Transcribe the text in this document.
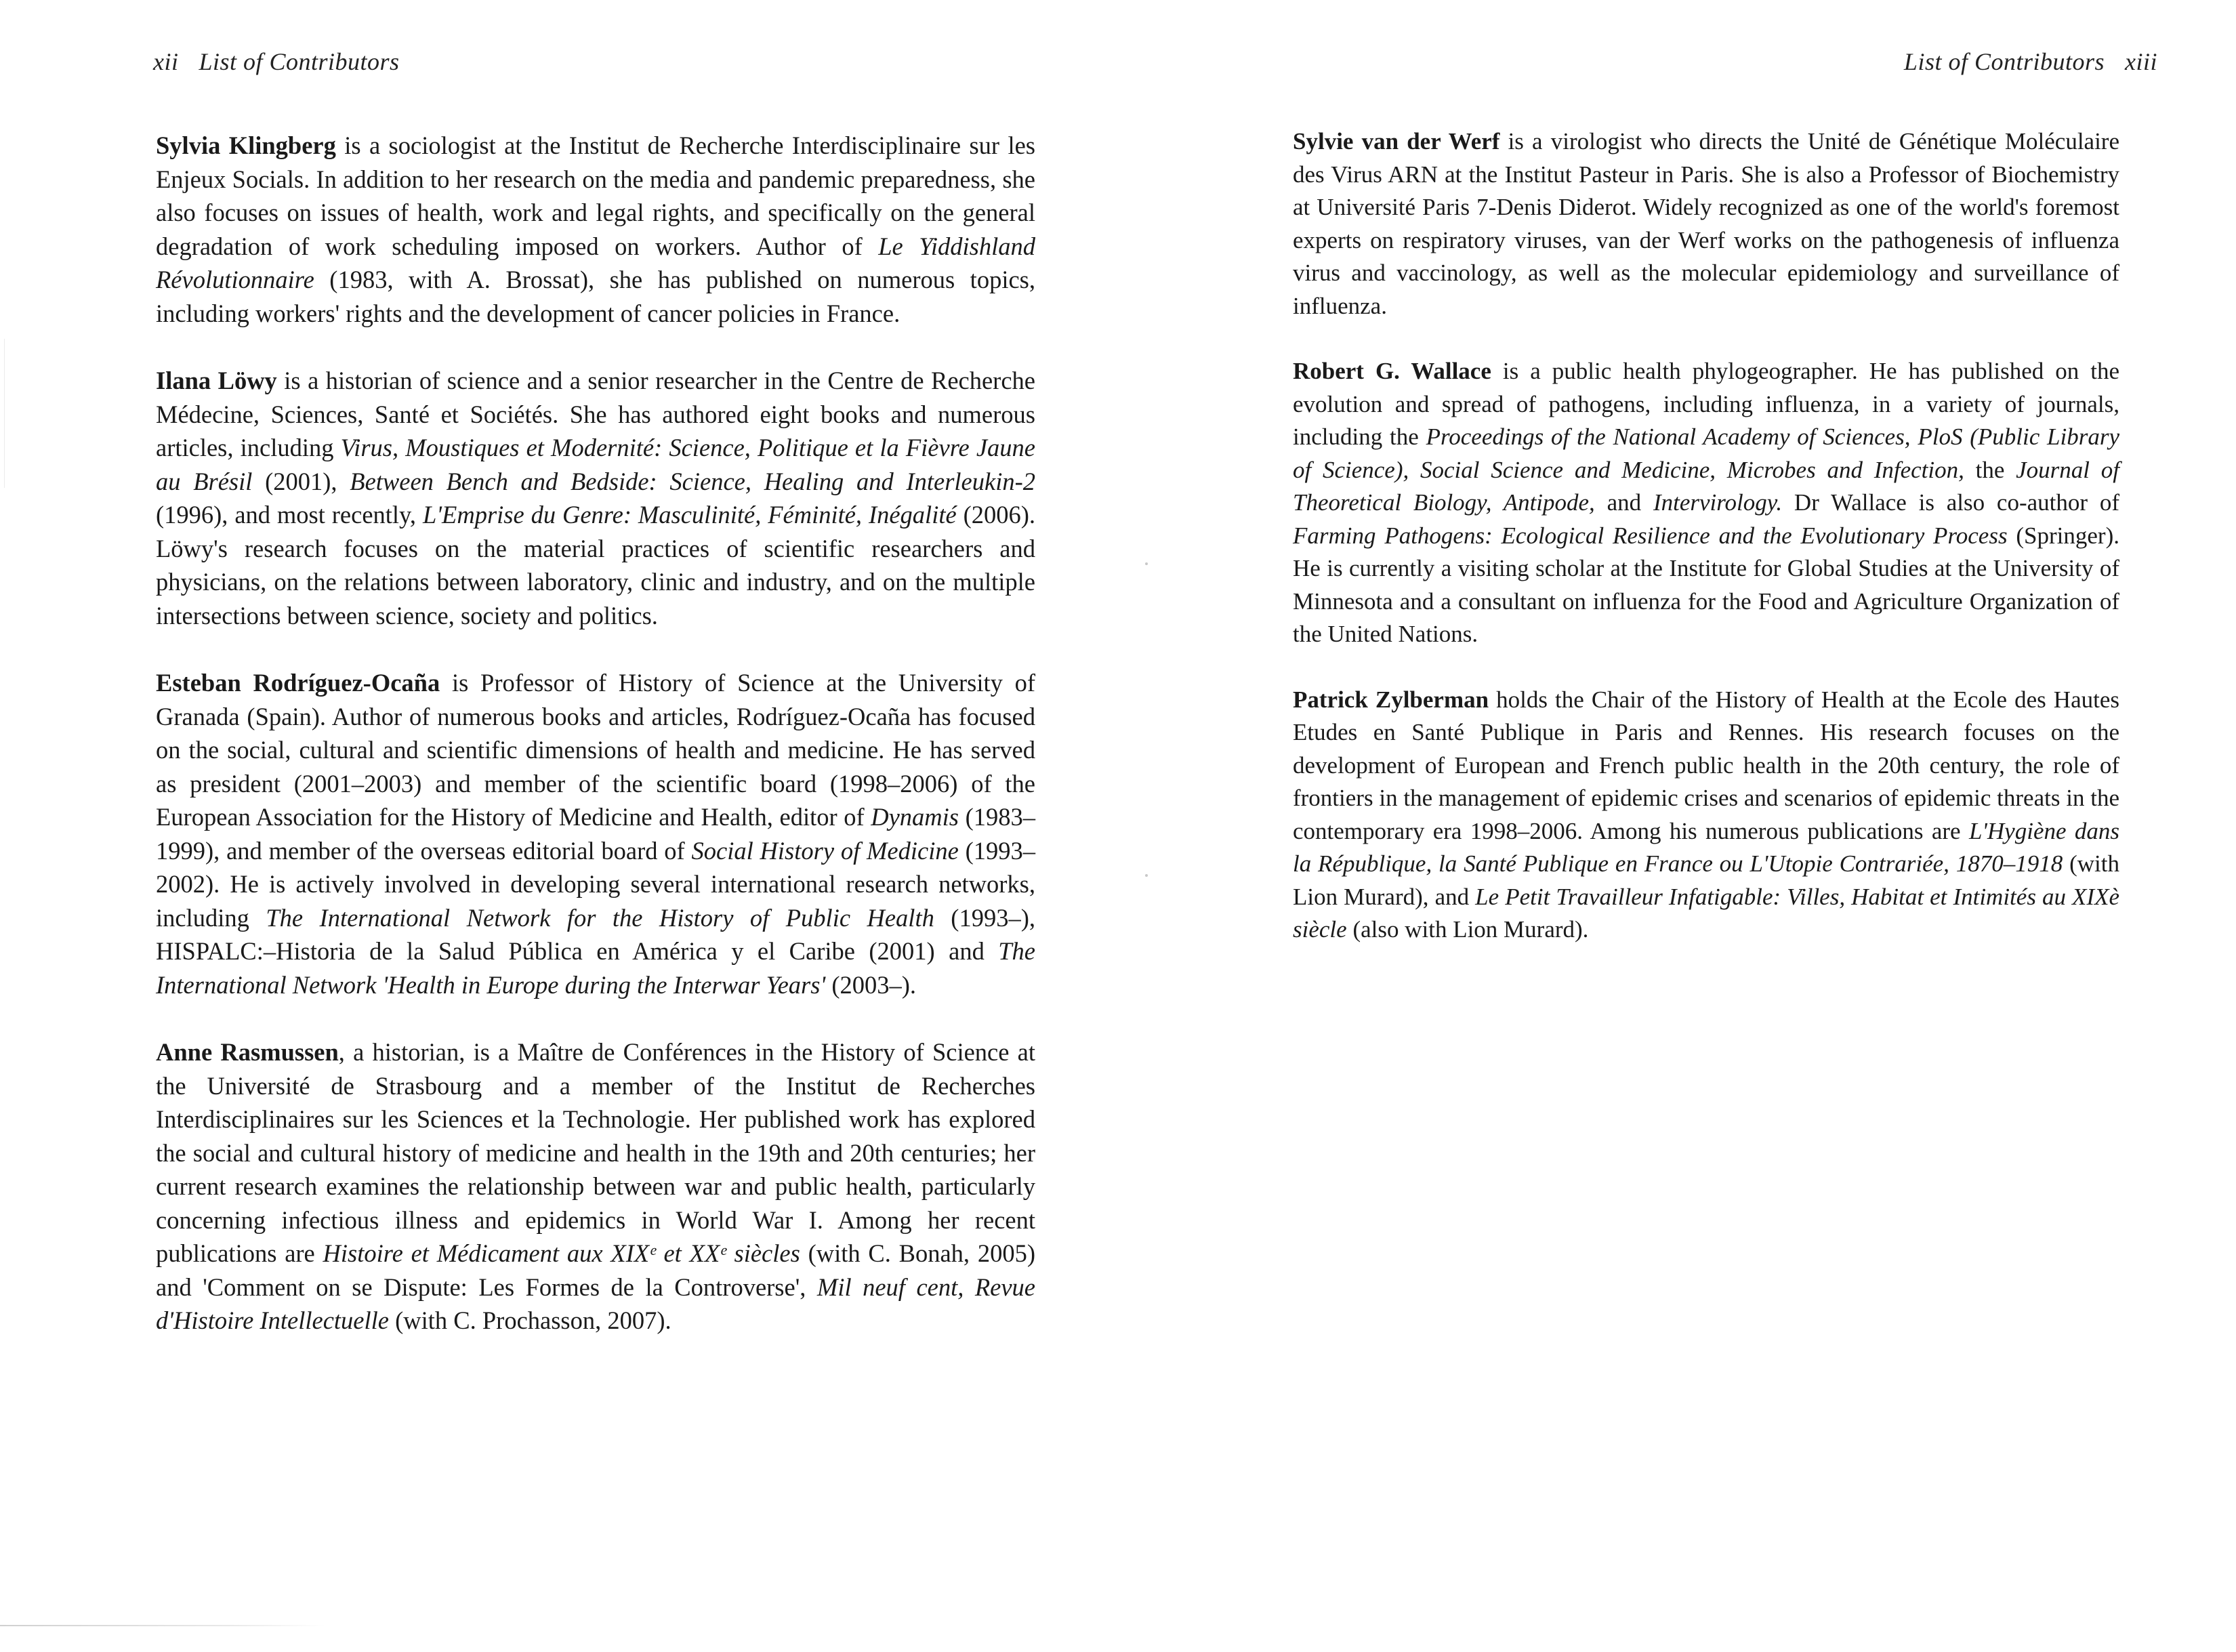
xii List of Contributors

Sylvia Klingberg is a sociologist at the Institut de Recherche Interdisciplinaire sur les Enjeux Socials. In addition to her research on the media and pandemic preparedness, she also focuses on issues of health, work and legal rights, and specifically on the general degradation of work scheduling imposed on workers. Author of Le Yiddishland Révolutionnaire (1983, with A. Brossat), she has published on numerous topics, including workers' rights and the development of cancer policies in France.

Ilana Löwy is a historian of science and a senior researcher in the Centre de Recherche Médecine, Sciences, Santé et Sociétés. She has authored eight books and numerous articles, including Virus, Moustiques et Modernité: Science, Politique et la Fièvre Jaune au Brésil (2001), Between Bench and Bedside: Science, Healing and Interleukin-2 (1996), and most recently, L'Emprise du Genre: Masculinité, Féminité, Inégalité (2006). Löwy's research focuses on the material practices of scientific researchers and physicians, on the relations between laboratory, clinic and industry, and on the multiple intersections between science, society and politics.

Esteban Rodríguez-Ocaña is Professor of History of Science at the University of Granada (Spain). Author of numerous books and articles, Rodríguez-Ocaña has focused on the social, cultural and scientific dimensions of health and medicine. He has served as president (2001–2003) and member of the scientific board (1998–2006) of the European Association for the History of Medicine and Health, editor of Dynamis (1983–1999), and member of the overseas editorial board of Social History of Medicine (1993–2002). He is actively involved in developing several international research networks, including The International Network for the History of Public Health (1993–), HISPALC:–Historia de la Salud Pública en América y el Caribe (2001) and The International Network 'Health in Europe during the Interwar Years' (2003–).

Anne Rasmussen, a historian, is a Maître de Conférences in the History of Science at the Université de Strasbourg and a member of the Institut de Recherches Interdisciplinaires sur les Sciences et la Technologie. Her published work has explored the social and cultural history of medicine and health in the 19th and 20th centuries; her current research examines the relationship between war and public health, particularly concerning infectious illness and epidemics in World War I. Among her recent publications are Histoire et Médicament aux XIXᵉ et XXᵉ siècles (with C. Bonah, 2005) and 'Comment on se Dispute: Les Formes de la Controverse', Mil neuf cent, Revue d'Histoire Intellectuelle (with C. Prochasson, 2007).

List of Contributors xiii

Sylvie van der Werf is a virologist who directs the Unité de Génétique Moléculaire des Virus ARN at the Institut Pasteur in Paris. She is also a Professor of Biochemistry at Université Paris 7-Denis Diderot. Widely recognized as one of the world's foremost experts on respiratory viruses, van der Werf works on the pathogenesis of influenza virus and vaccinology, as well as the molecular epidemiology and surveillance of influenza.

Robert G. Wallace is a public health phylogeographer. He has published on the evolution and spread of pathogens, including influenza, in a variety of journals, including the Proceedings of the National Academy of Sciences, PloS (Public Library of Science), Social Science and Medicine, Microbes and Infection, the Journal of Theoretical Biology, Antipode, and Intervirology. Dr Wallace is also co-author of Farming Pathogens: Ecological Resilience and the Evolutionary Process (Springer). He is currently a visiting scholar at the Institute for Global Studies at the University of Minnesota and a consultant on influenza for the Food and Agriculture Organization of the United Nations.

Patrick Zylberman holds the Chair of the History of Health at the Ecole des Hautes Etudes en Santé Publique in Paris and Rennes. His research focuses on the development of European and French public health in the 20th century, the role of frontiers in the management of epidemic crises and scenarios of epidemic threats in the contemporary era 1998–2006. Among his numerous publications are L'Hygiène dans la République, la Santé Publique en France ou L'Utopie Contrariée, 1870–1918 (with Lion Murard), and Le Petit Travailleur Infatigable: Villes, Habitat et Intimités au XIXè siècle (also with Lion Murard).
